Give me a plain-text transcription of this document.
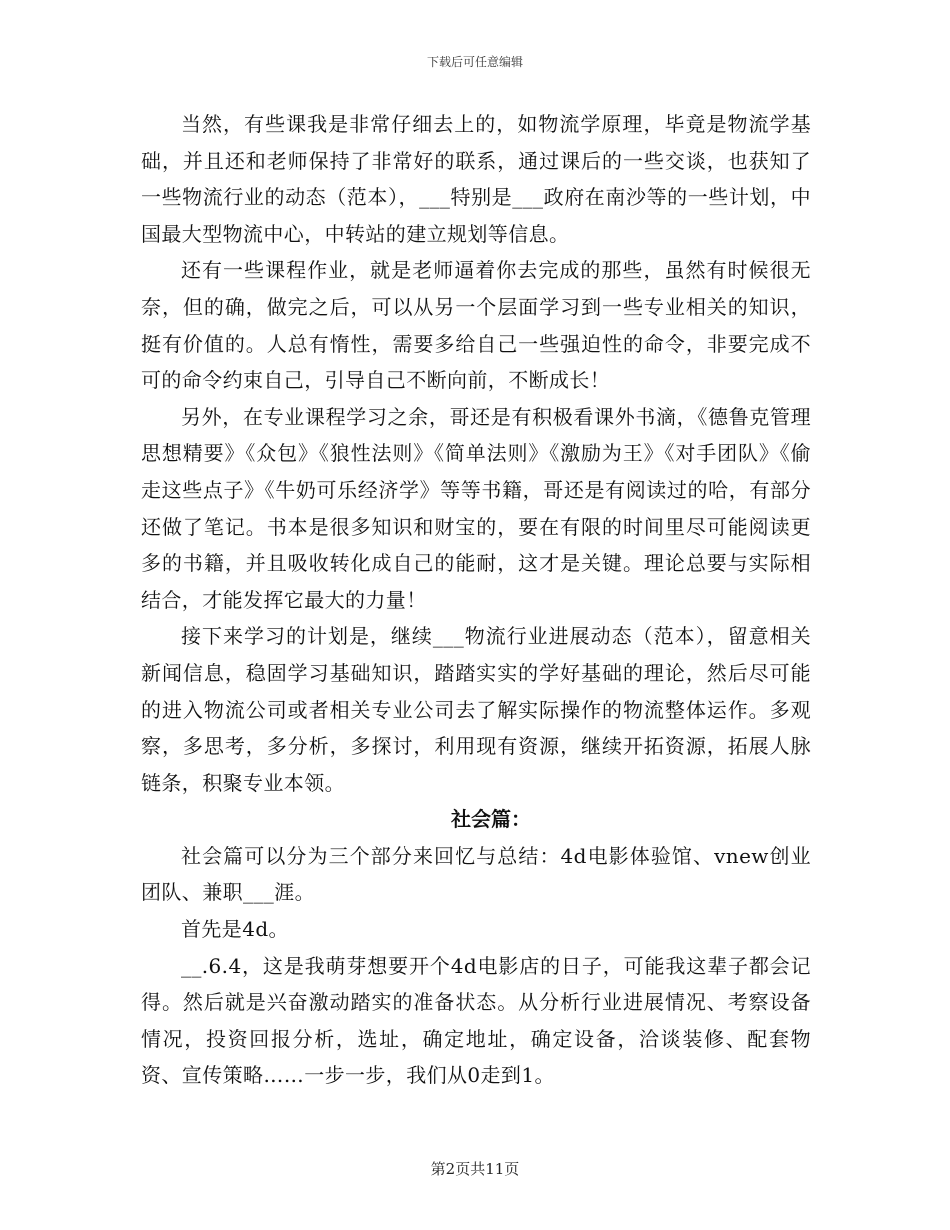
下载后可任意编辑

当然，有些课我是非常仔细去上的，如物流学原理，毕竟是物流学基础，并且还和老师保持了非常好的联系，通过课后的一些交谈，也获知了一些物流行业的动态（范本），___特别是___政府在南沙等的一些计划，中国最大型物流中心，中转站的建立规划等信息。

还有一些课程作业，就是老师逼着你去完成的那些，虽然有时候很无奈，但的确，做完之后，可以从另一个层面学习到一些专业相关的知识，挺有价值的。人总有惰性，需要多给自己一些强迫性的命令，非要完成不可的命令约束自己，引导自己不断向前，不断成长！

另外，在专业课程学习之余，哥还是有积极看课外书滴，《德鲁克管理思想精要》《众包》《狼性法则》《简单法则》《激励为王》《对手团队》《偷走这些点子》《牛奶可乐经济学》等等书籍，哥还是有阅读过的哈，有部分还做了笔记。书本是很多知识和财宝的，要在有限的时间里尽可能阅读更多的书籍，并且吸收转化成自己的能耐，这才是关键。理论总要与实际相结合，才能发挥它最大的力量！

接下来学习的计划是，继续___物流行业进展动态（范本），留意相关新闻信息，稳固学习基础知识，踏踏实实的学好基础的理论，然后尽可能的进入物流公司或者相关专业公司去了解实际操作的物流整体运作。多观察，多思考，多分析，多探讨，利用现有资源，继续开拓资源，拓展人脉链条，积聚专业本领。

社会篇：

社会篇可以分为三个部分来回忆与总结：4d电影体验馆、vnew创业团队、兼职___涯。

首先是4d。

__.6.4，这是我萌芽想要开个4d电影店的日子，可能我这辈子都会记得。然后就是兴奋激动踏实的准备状态。从分析行业进展情况、考察设备情况，投资回报分析，选址，确定地址，确定设备，洽谈装修、配套物资、宣传策略……一步一步，我们从0走到1。

第2页共11页
